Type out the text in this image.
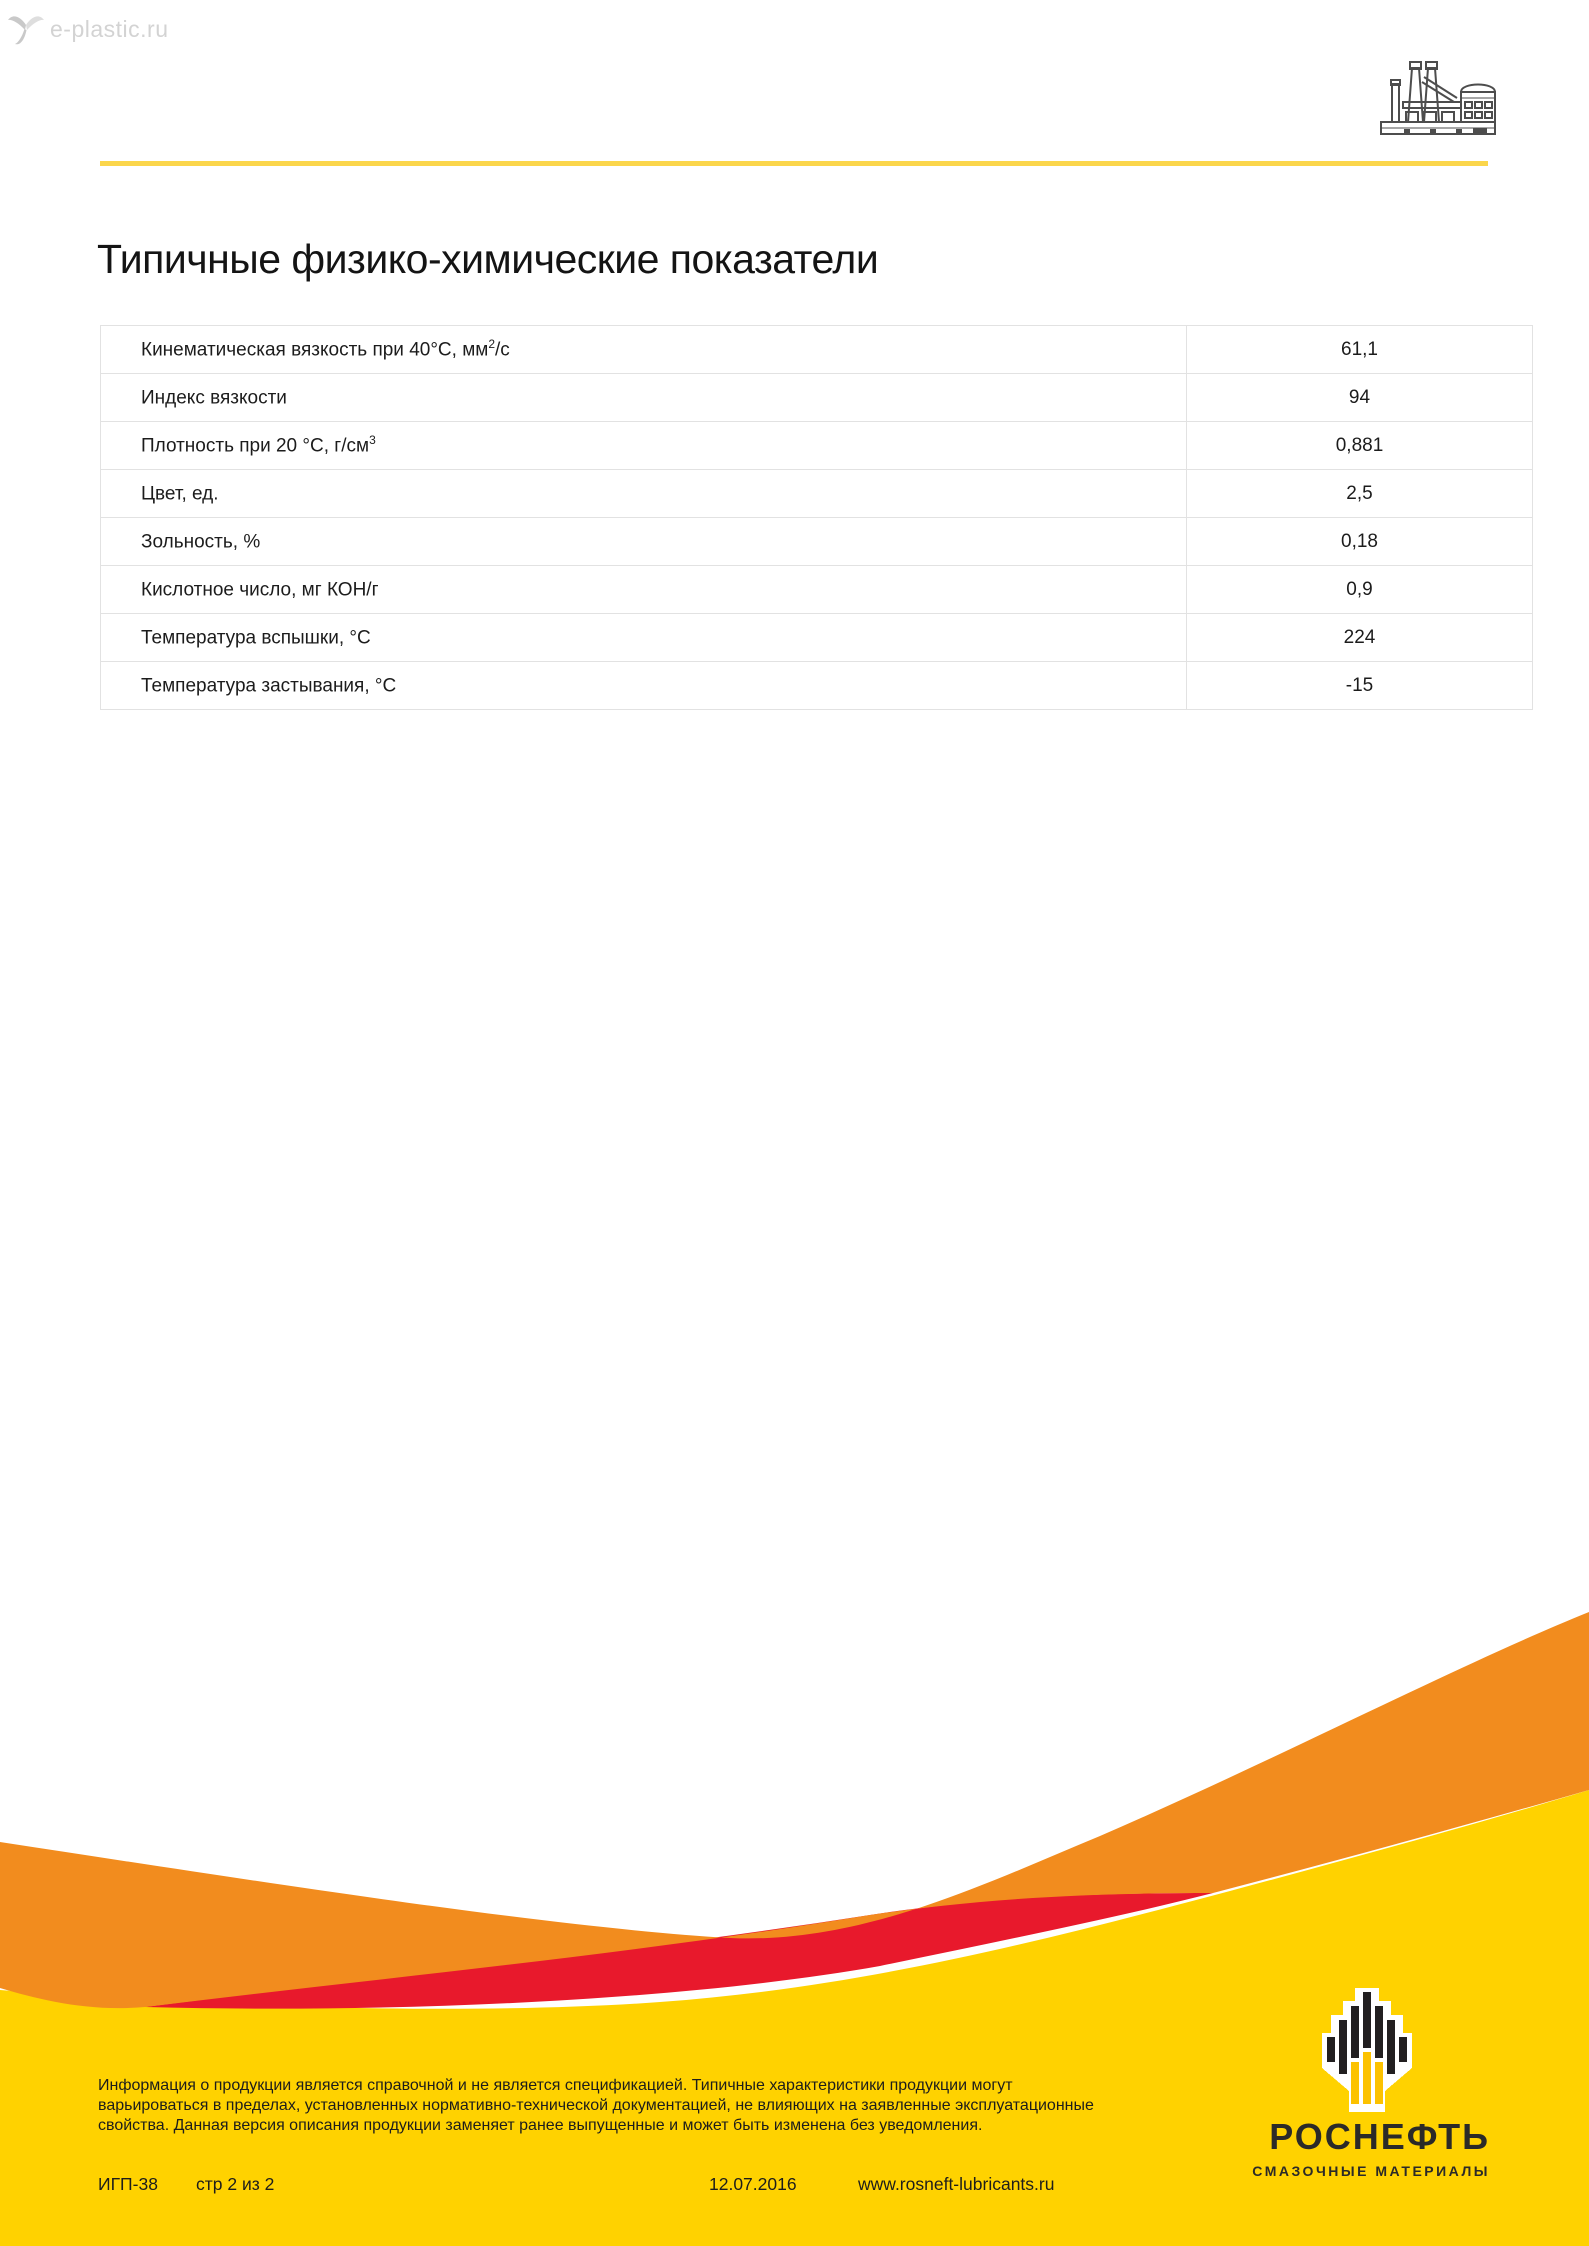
e-plastic.ru
Типичные физико-химические показатели
Кинематическая вязкость при 40°C, $мм^2/с$	61,1
Индекс вязкости	94
Плотность при 20 °C, $г/см^3$	0,881
Цвет, ед.	2,5
Зольность, %	0,18
Кислотное число, мг КОН/г	0,9
Температура вспышки, °C	224
Температура застывания, °C	-15
Информация о продукции является справочной и не является спецификацией. Типичные характеристики продукции могут
варьироваться в пределах, установленных нормативно-технической документацией, не влияющих на заявленные эксплуатационные
свойства. Данная версия описания продукции заменяет ранее выпущенные и может быть изменена без уведомления.
ИГП-38 стр 2 из 2	12.07.2016	www.rosneft-lubricants.ru
РОСНЕФТЬ
СМАЗОЧНЫЕ МАТЕРИАЛЫ
